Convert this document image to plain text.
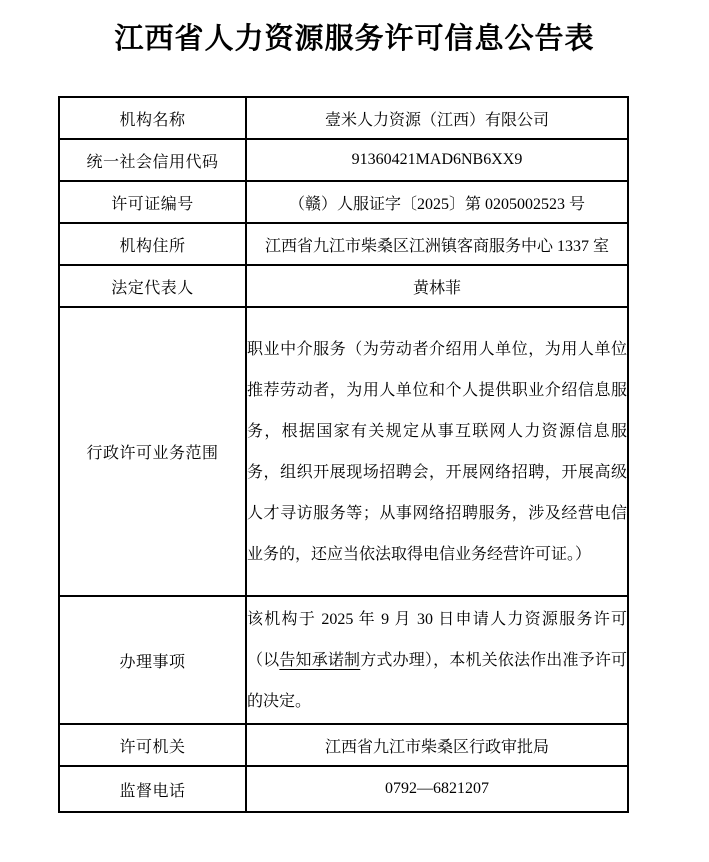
江西省人力资源服务许可信息公告表
机构名称	壹米人力资源（江西）有限公司
统一社会信用代码	91360421MAD6NB6XX9
许可证编号	（赣）人服证字〔2025〕第 0205002523 号
机构住所	江西省九江市柴桑区江洲镇客商服务中心 1337 室
法定代表人	黄林菲
行政许可业务范围	职业中介服务（为劳动者介绍用人单位，为用人单位推荐劳动者，为用人单位和个人提供职业介绍信息服务，根据国家有关规定从事互联网人力资源信息服务，组织开展现场招聘会，开展网络招聘，开展高级人才寻访服务等；从事网络招聘服务，涉及经营电信业务的，还应当依法取得电信业务经营许可证。）
办理事项	该机构于 2025 年 9 月 30 日申请人力资源服务许可（以告知承诺制方式办理），本机关依法作出准予许可的决定。
许可机关	江西省九江市柴桑区行政审批局
监督电话	0792—6821207
